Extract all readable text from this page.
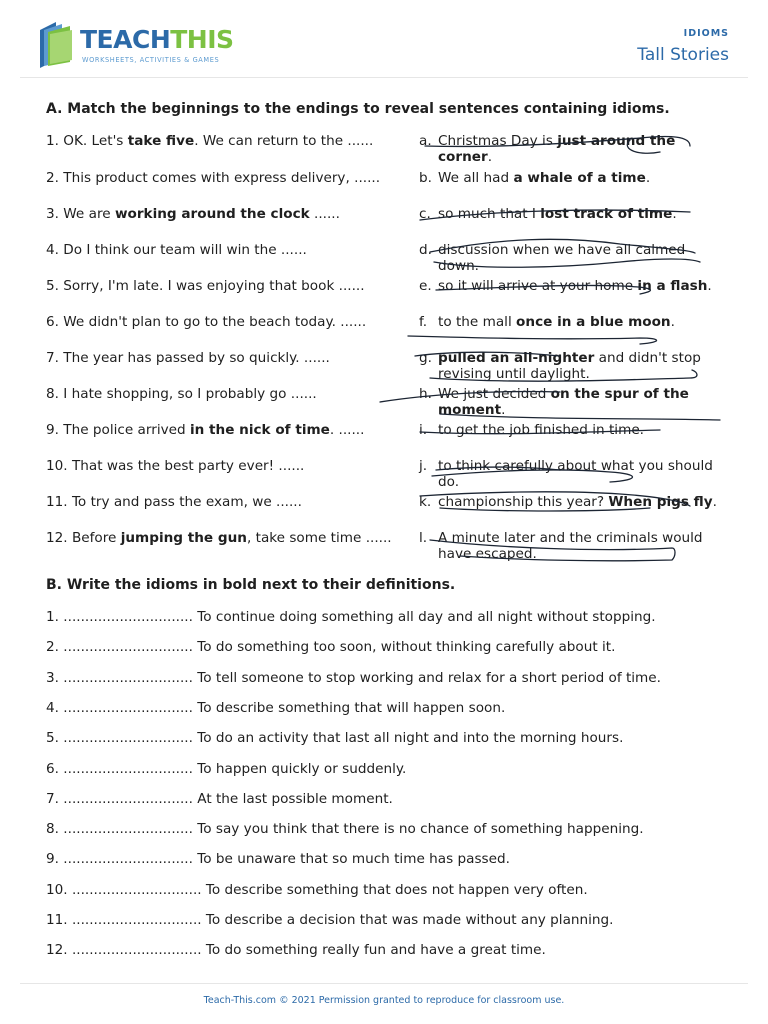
TEACHTHIS
WORKSHEETS, ACTIVITIES & GAMES
IDIOMS
Tall Stories
A. Match the beginnings to the endings to reveal sentences containing idioms.
1. OK. Let's take five. We can return to the ......	a. Christmas Day is just around the corner.
2. This product comes with express delivery, ......	b. We all had a whale of a time.
3. We are working around the clock ......	c. so much that I lost track of time.
4. Do I think our team will win the ......	d. discussion when we have all calmed down.
5. Sorry, I'm late. I was enjoying that book ......	e. so it will arrive at your home in a flash.
6. We didn't plan to go to the beach today. ......	f. to the mall once in a blue moon.
7. The year has passed by so quickly. ......	g. pulled an all-nighter and didn't stop revising until daylight.
8. I hate shopping, so I probably go ......	h. We just decided on the spur of the moment.
9. The police arrived in the nick of time. ......	i. to get the job finished in time.
10. That was the best party ever! ......	j. to think carefully about what you should do.
11. To try and pass the exam, we ......	k. championship this year? When pigs fly.
12. Before jumping the gun, take some time ...... l. A minute later and the criminals would have escaped.
B. Write the idioms in bold next to their definitions.
1. .............................. To continue doing something all day and all night without stopping.
2. .............................. To do something too soon, without thinking carefully about it.
3. .............................. To tell someone to stop working and relax for a short period of time.
4. .............................. To describe something that will happen soon.
5. .............................. To do an activity that last all night and into the morning hours.
6. .............................. To happen quickly or suddenly.
7. .............................. At the last possible moment.
8. .............................. To say you think that there is no chance of something happening.
9. .............................. To be unaware that so much time has passed.
10. .............................. To describe something that does not happen very often.
11. .............................. To describe a decision that was made without any planning.
12. .............................. To do something really fun and have a great time.
Teach-This.com © 2021 Permission granted to reproduce for classroom use.
